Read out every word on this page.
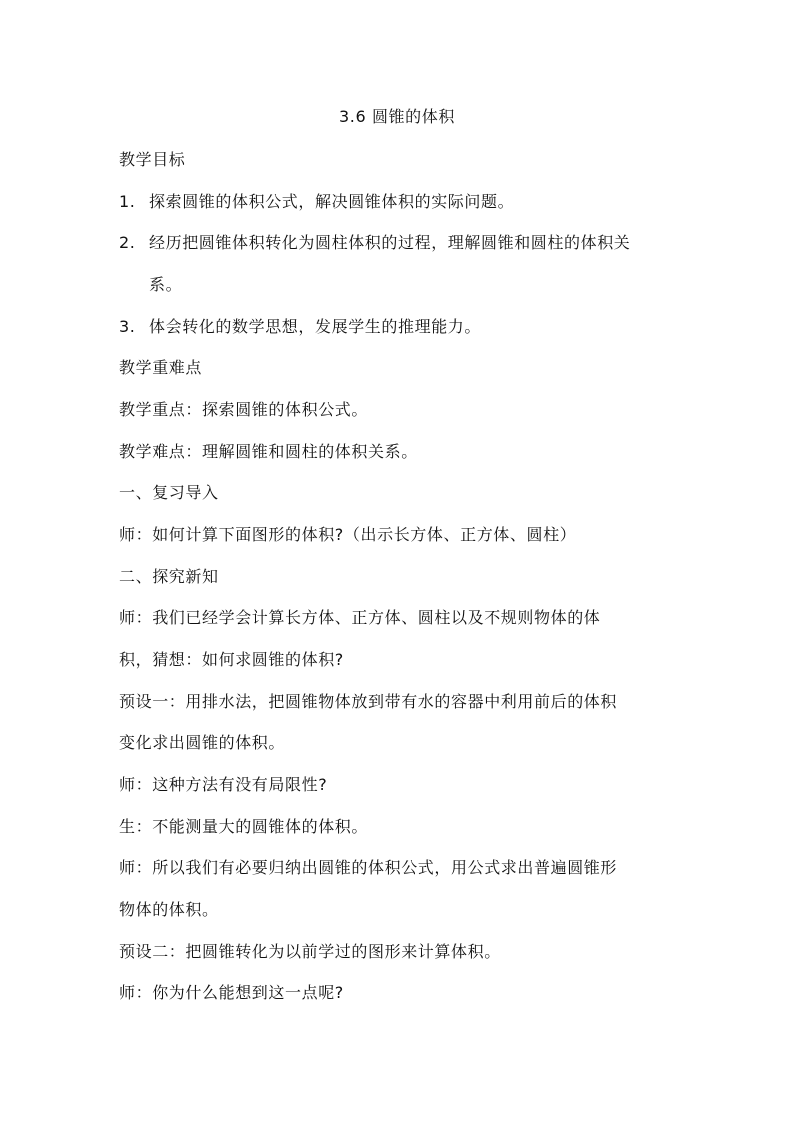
3.6 圆锥的体积
教学目标
1. 探索圆锥的体积公式，解决圆锥体积的实际问题。
2. 经历把圆锥体积转化为圆柱体积的过程，理解圆锥和圆柱的体积关
系。
3. 体会转化的数学思想，发展学生的推理能力。
教学重难点
教学重点：探索圆锥的体积公式。
教学难点：理解圆锥和圆柱的体积关系。
一、复习导入
师：如何计算下面图形的体积?（出示长方体、正方体、圆柱）
二、探究新知
师：我们已经学会计算长方体、正方体、圆柱以及不规则物体的体
积，猜想：如何求圆锥的体积?
预设一：用排水法，把圆锥物体放到带有水的容器中利用前后的体积
变化求出圆锥的体积。
师：这种方法有没有局限性?
生：不能测量大的圆锥体的体积。
师：所以我们有必要归纳出圆锥的体积公式，用公式求出普遍圆锥形
物体的体积。
预设二：把圆锥转化为以前学过的图形来计算体积。
师：你为什么能想到这一点呢?
